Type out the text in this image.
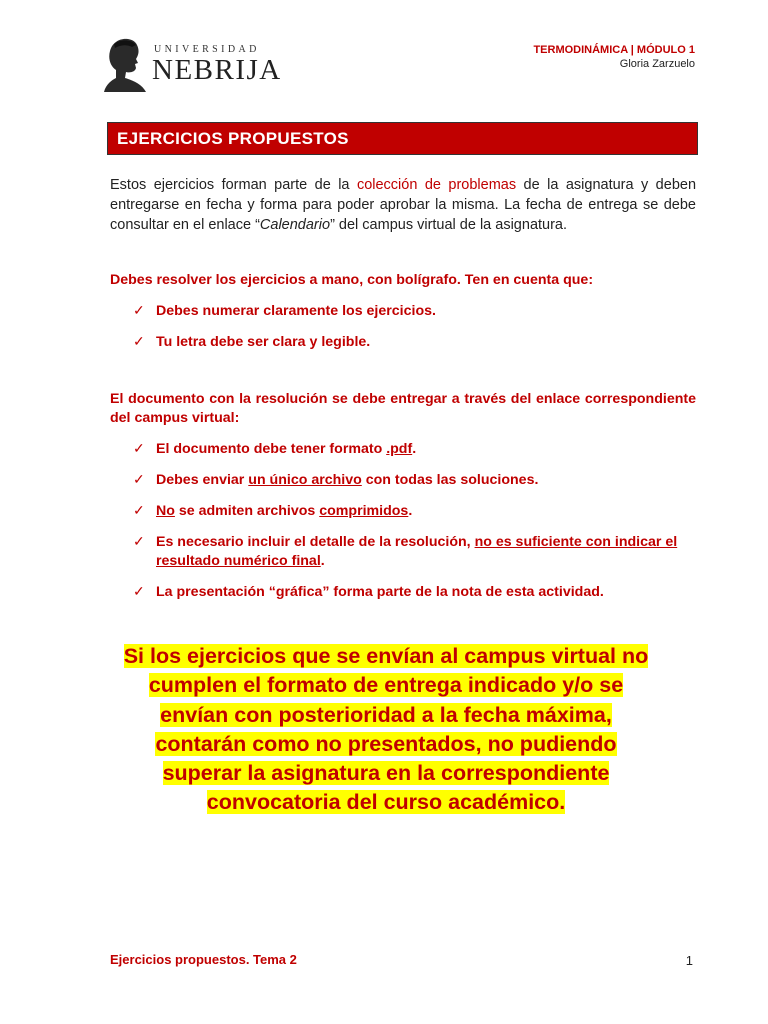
UNIVERSIDAD
NEBRIJA
TERMODINÁMICA | MÓDULO 1
Gloria Zarzuelo
EJERCICIOS PROPUESTOS
Estos ejercicios forman parte de la colección de problemas de la asignatura y deben entregarse en fecha y forma para poder aprobar la misma. La fecha de entrega se debe consultar en el enlace “Calendario” del campus virtual de la asignatura.
Debes resolver los ejercicios a mano, con bolígrafo. Ten en cuenta que:
✓ Debes numerar claramente los ejercicios.
✓ Tu letra debe ser clara y legible.
El documento con la resolución se debe entregar a través del enlace correspondiente del campus virtual:
✓ El documento debe tener formato .pdf.
✓ Debes enviar un único archivo con todas las soluciones.
✓ No se admiten archivos comprimidos.
✓ Es necesario incluir el detalle de la resolución, no es suficiente con indicar el resultado numérico final.
✓ La presentación “gráfica” forma parte de la nota de esta actividad.
Si los ejercicios que se envían al campus virtual no
cumplen el formato de entrega indicado y/o se
envían con posterioridad a la fecha máxima,
contarán como no presentados, no pudiendo
superar la asignatura en la correspondiente
convocatoria del curso académico.
Ejercicios propuestos. Tema 2	1
